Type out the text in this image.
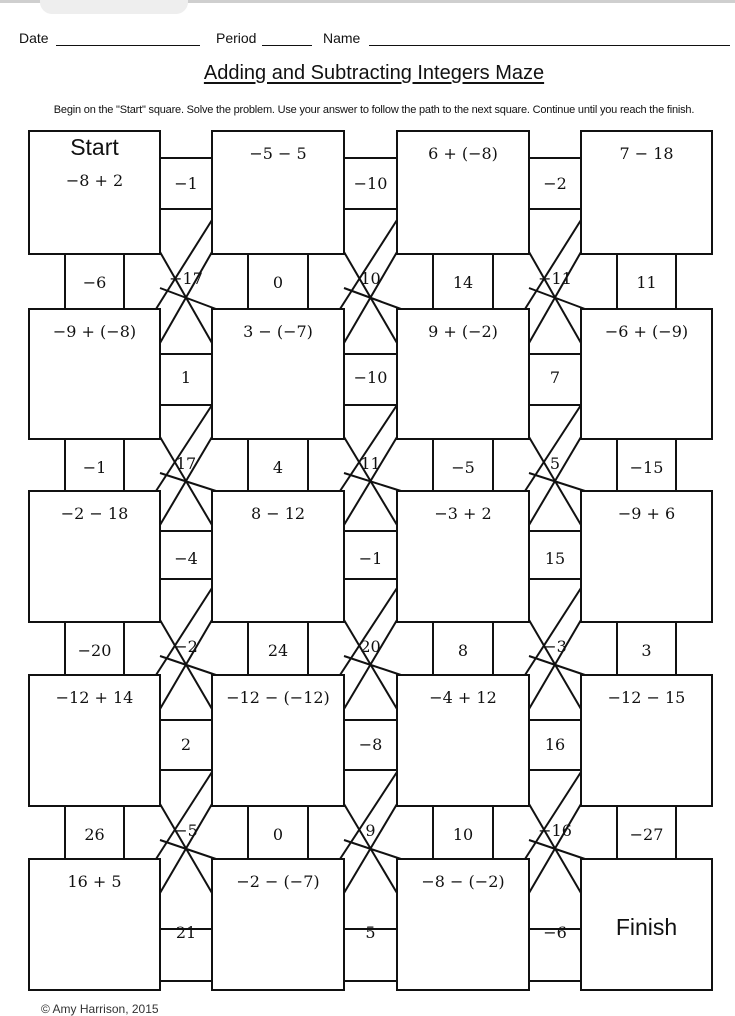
Date	Period	Name
Adding and Subtracting Integers Maze
Begin on the "Start" square. Solve the problem. Use your answer to follow the path to the next square. Continue until you reach the finish.
−8 + 2
−5 − 5	6 + (−8)	7 − 18
−9 + (−8)	3 − (−7)	9 + (−2)	−6 + (−9)
−2 − 18	8 − 12	−3 + 2	−9 + 6
−12 + 14	−12 − (−12)	−4 + 12	−12 − 15
16 + 5	−2 − (−7)	−8 − (−2)
Start
Finish
−1	−10	−2
1	−10	7
−4	−1	15
2	−8	16
21	5	−6
−6	0	14	11
−1	4	−5	−15
−20	24	8	3
26	0	10	−27
−17	10	−11
17	11	5
−2	20	−3
−5	9	−16
© Amy Harrison, 2015
